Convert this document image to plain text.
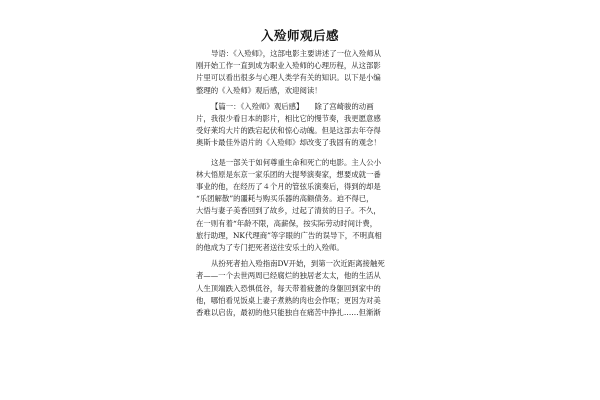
入殓师观后感

导语：《入殓师》，这部电影主要讲述了一位入殓师从
刚开始工作一直到成为职业入殓师的心理历程，从这部影
片里可以看出很多与心理人类学有关的知识。以下是小编
整理的《入殓师》观后感，欢迎阅读！

【篇一：《入殓师》观后感】　　除了宫崎骏的动画
片，我很少看日本的影片，相比它的慢节奏，我更愿意感
受好莱坞大片的跌宕起伏和惊心动魄。但是这部去年夺得
奥斯卡最佳外语片的《入殓师》却改变了我固有的观念！

这是一部关于如何尊重生命和死亡的电影。主人公小
林大悟原是东京一家乐团的大提琴演奏家，想要成就一番
事业的他，在经历了４个月的管弦乐演奏后，得到的却是
“乐团解散”的噩耗与购买乐器的高额债务。迫不得已，
大悟与妻子美香回到了故乡，过起了清贫的日子。不久，
在一则有着“年龄不限，高薪保，按实际劳动时间计费，
旅行助理，NK代理商”等字眼的广告的误导下，不明真相
的他成为了专门把死者送往安乐土的入殓师。

从扮死者拍入殓指南DV开始，到第一次近距离接触死
者——一个去世两周已经腐烂的独居老太太，他的生活从
人生顶端跌入恐惧低谷，每天带着疲惫的身躯回到家中的
他，哪怕看见饭桌上妻子煮熟的肉也会作呕；更因为对美
香难以启齿，最初的他只能独自在痛苦中挣扎……但渐渐
